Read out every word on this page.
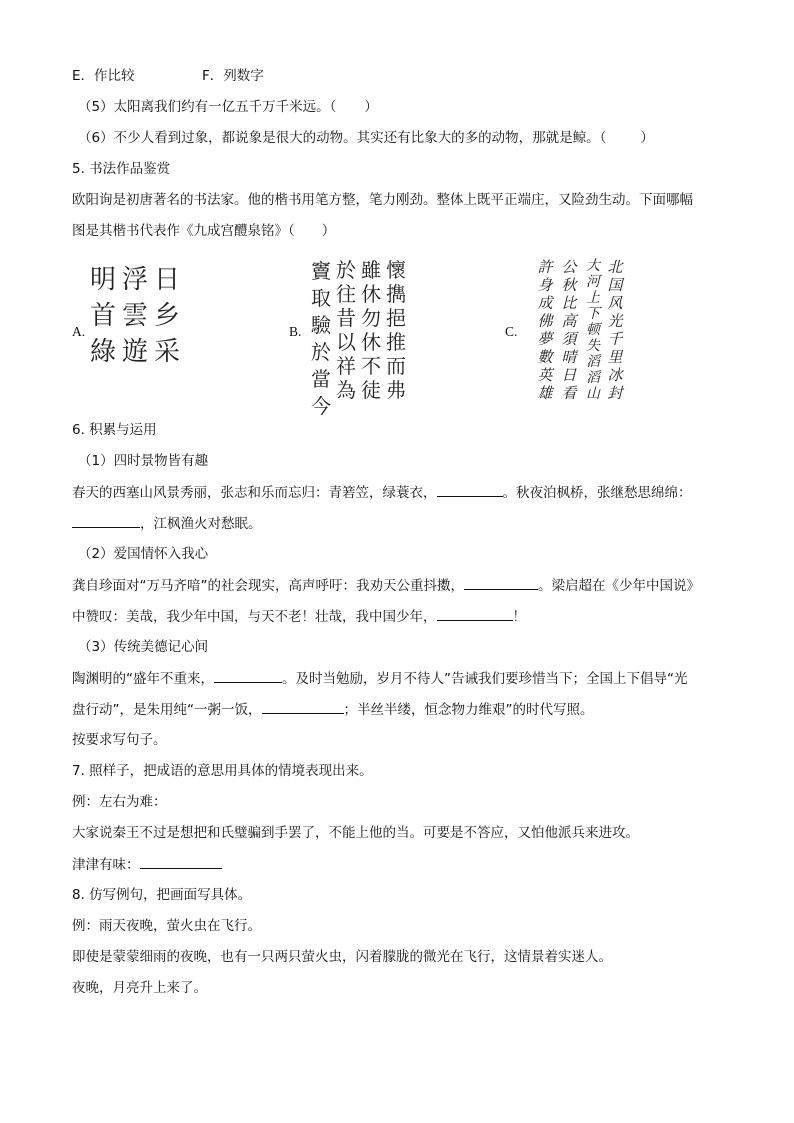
E．作比较	F．列数字
（5）太阳离我们约有一亿五千万千米远。（ ）
（6）不少人看到过象，都说象是很大的动物。其实还有比象大的多的动物，那就是鲸。（	）
5. 书法作品鉴赏
欧阳询是初唐著名的书法家。他的楷书用笔方整，笔力刚劲。整体上既平正端庄，又险劲生动。下面哪幅
图是其楷书代表作《九成宫醴泉铭》（　　）
A.
日乡采
浮雲遊
明首綠
B.
懷擕挹推而弗
雖休勿休不徒
於往昔以祥為
竇取驗於當今
C.
北国风光千里冰封
大河上下顿失滔滔山
公秋比高須晴日看
許身成佛夢數英雄
6. 积累与运用
（1）四时景物皆有趣
春天的西塞山风景秀丽，张志和乐而忘归：青箬笠，绿蓑衣，	。秋夜泊枫桥，张继愁思绵绵：
，江枫渔火对愁眠。
（2）爱国情怀入我心
龚自珍面对“万马齐喑”的社会现实，高声呼吁：我劝天公重抖擞，	。梁启超在《少年中国说》
中赞叹：美哉，我少年中国，与天不老！壮哉，我中国少年，	！
（3）传统美德记心间
陶渊明的“盛年不重来，	。及时当勉励，岁月不待人”告诫我们要珍惜当下；全国上下倡导“光
盘行动”，是朱用纯“一粥一饭，	；半丝半缕，恒念物力维艰”的时代写照。
按要求写句子。
7. 照样子，把成语的意思用具体的情境表现出来。
例：左右为难：
大家说秦王不过是想把和氏璧骗到手罢了，不能上他的当。可要是不答应，又怕他派兵来进攻。
津津有味：
8. 仿写例句，把画面写具体。
例：雨天夜晚，萤火虫在飞行。
即使是蒙蒙细雨的夜晚，也有一只两只萤火虫，闪着朦胧的微光在飞行，这情景着实迷人。
夜晚，月亮升上来了。
